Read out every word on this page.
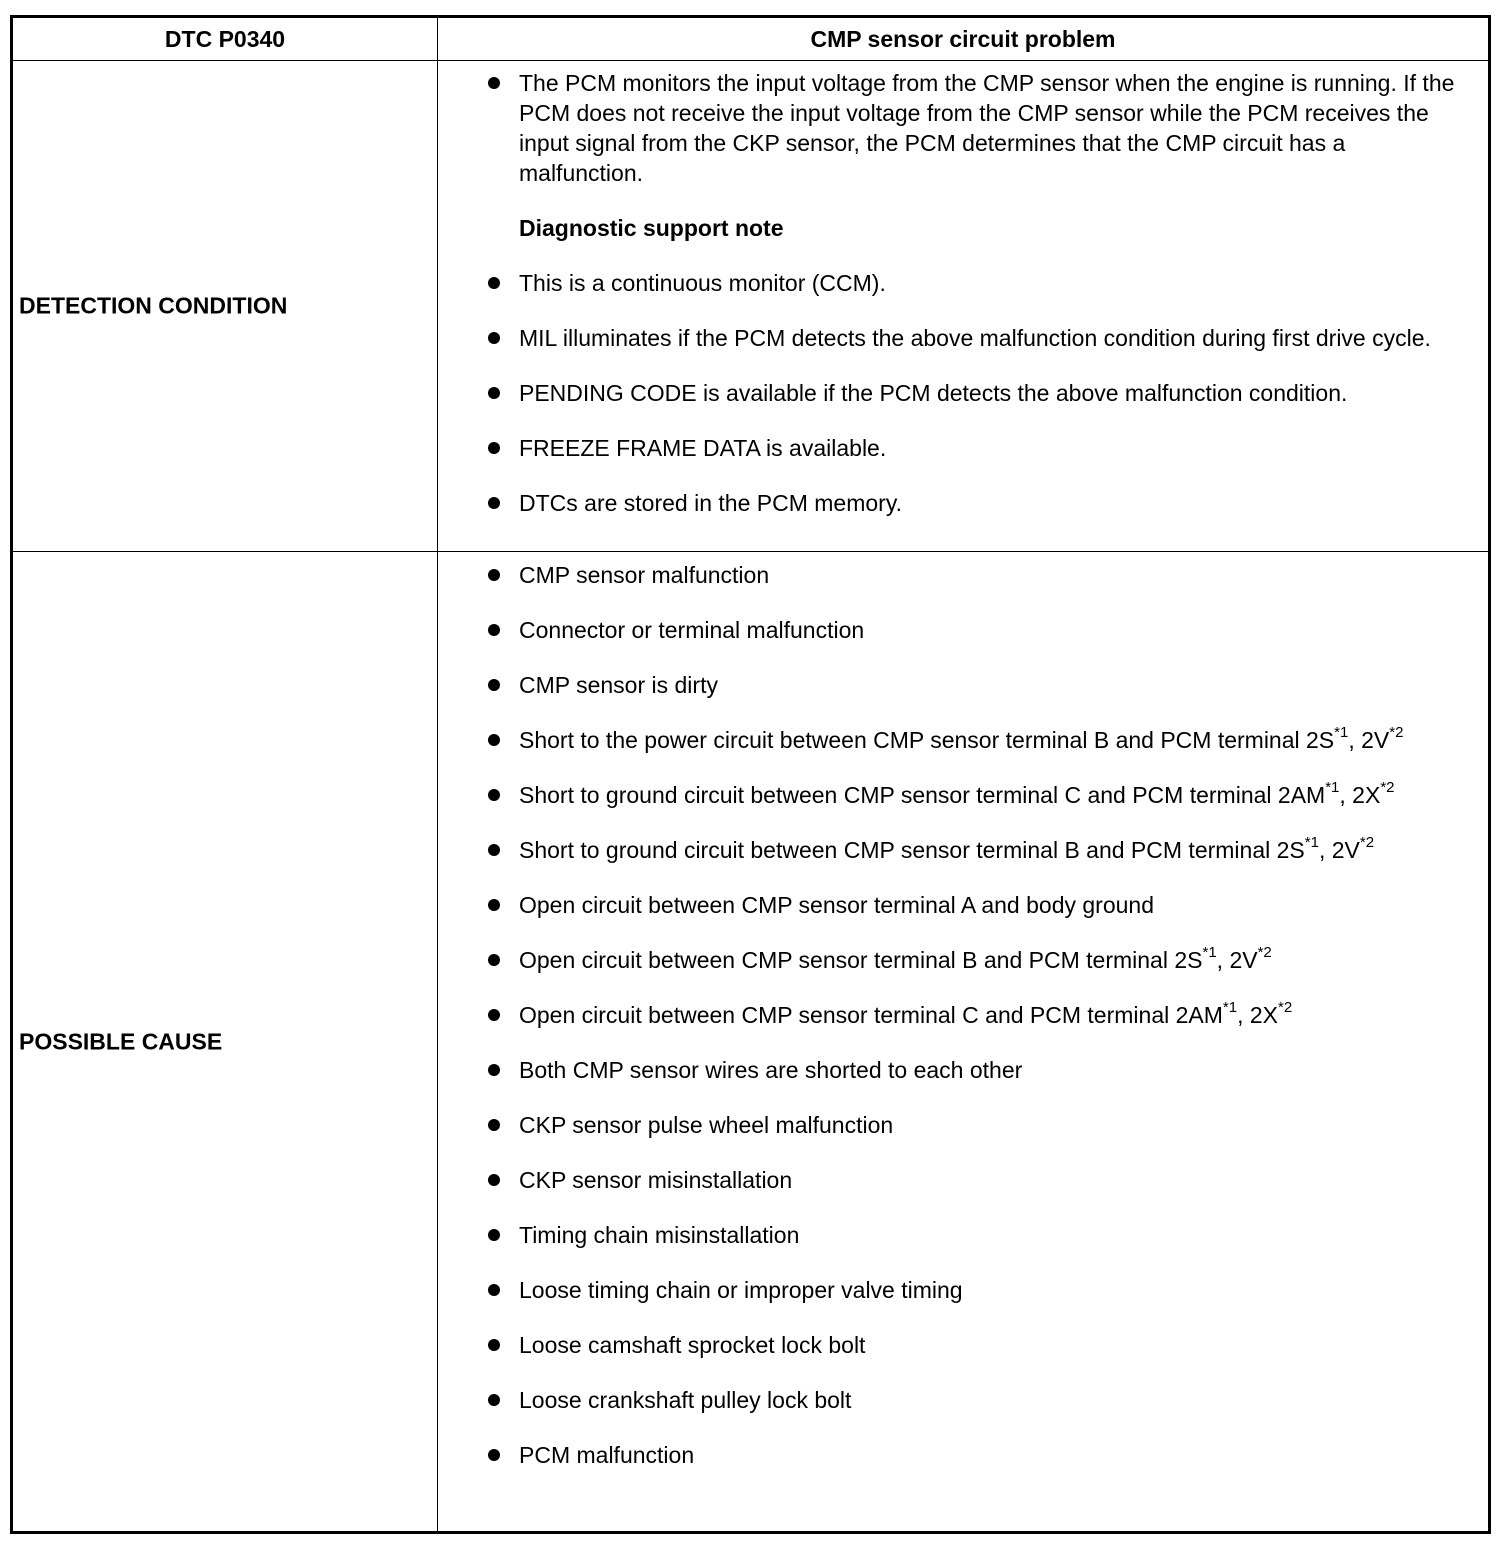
DTC P0340	CMP sensor circuit problem
DETECTION CONDITION
The PCM monitors the input voltage from the CMP sensor when the engine is running. If the PCM does not receive the input voltage from the CMP sensor while the PCM receives the input signal from the CKP sensor, the PCM determines that the CMP circuit has a malfunction.
Diagnostic support note
This is a continuous monitor (CCM).
MIL illuminates if the PCM detects the above malfunction condition during first drive cycle.
PENDING CODE is available if the PCM detects the above malfunction condition.
FREEZE FRAME DATA is available.
DTCs are stored in the PCM memory.
POSSIBLE CAUSE
CMP sensor malfunction
Connector or terminal malfunction
CMP sensor is dirty
Short to the power circuit between CMP sensor terminal B and PCM terminal $2S^{*1}$, $2V^{*2}$
Short to ground circuit between CMP sensor terminal C and PCM terminal 2AM$^{*1}$, $2X^{*2}$
Short to ground circuit between CMP sensor terminal B and PCM terminal $2S^{*1}$, $2V^{*2}$
Open circuit between CMP sensor terminal A and body ground
Open circuit between CMP sensor terminal B and PCM terminal $2S^{*1}$, $2V^{*2}$
Open circuit between CMP sensor terminal C and PCM terminal 2AM$^{*1}$, $2X^{*2}$
Both CMP sensor wires are shorted to each other
CKP sensor pulse wheel malfunction
CKP sensor misinstallation
Timing chain misinstallation
Loose timing chain or improper valve timing
Loose camshaft sprocket lock bolt
Loose crankshaft pulley lock bolt
PCM malfunction
